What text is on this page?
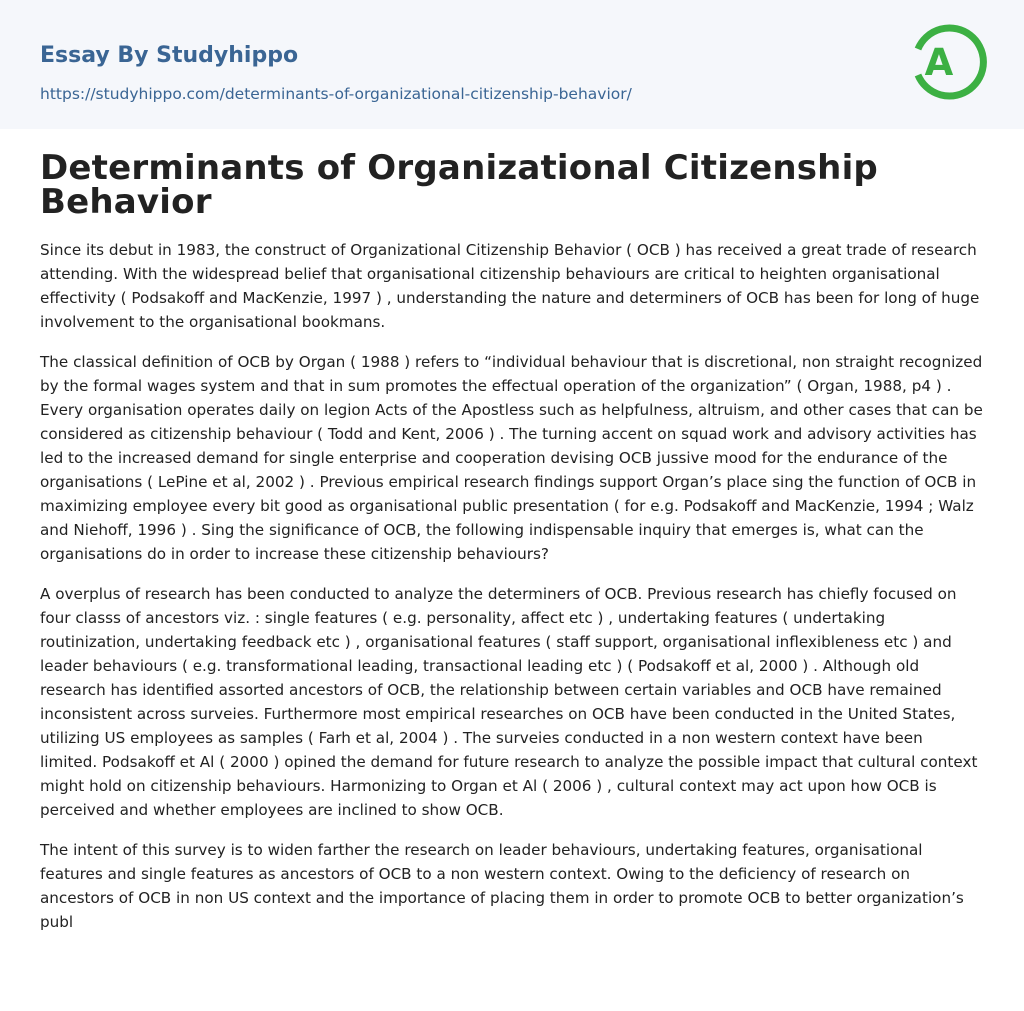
Essay By Studyhippo
https://studyhippo.com/determinants-of-organizational-citizenship-behavior/
A
Determinants of Organizational Citizenship Behavior

Since its debut in 1983, the construct of Organizational Citizenship Behavior ( OCB ) has received a great trade of research attending. With the widespread belief that organisational citizenship behaviours are critical to heighten organisational effectivity ( Podsakoff and MacKenzie, 1997 ) , understanding the nature and determiners of OCB has been for long of huge involvement to the organisational bookmans.

The classical definition of OCB by Organ ( 1988 ) refers to “individual behaviour that is discretional, non straight recognized by the formal wages system and that in sum promotes the effectual operation of the organization” ( Organ, 1988, p4 ) . Every organisation operates daily on legion Acts of the Apostless such as helpfulness, altruism, and other cases that can be considered as citizenship behaviour ( Todd and Kent, 2006 ) . The turning accent on squad work and advisory activities has led to the increased demand for single enterprise and cooperation devising OCB jussive mood for the endurance of the organisations ( LePine et al, 2002 ) . Previous empirical research findings support Organ’s place sing the function of OCB in maximizing employee every bit good as organisational public presentation ( for e.g. Podsakoff and MacKenzie, 1994 ; Walz and Niehoff, 1996 ) . Sing the significance of OCB, the following indispensable inquiry that emerges is, what can the organisations do in order to increase these citizenship behaviours?

A overplus of research has been conducted to analyze the determiners of OCB. Previous research has chiefly focused on four classs of ancestors viz. : single features ( e.g. personality, affect etc ) , undertaking features ( undertaking routinization, undertaking feedback etc ) , organisational features ( staff support, organisational inflexibleness etc ) and leader behaviours ( e.g. transformational leading, transactional leading etc ) ( Podsakoff et al, 2000 ) . Although old research has identified assorted ancestors of OCB, the relationship between certain variables and OCB have remained inconsistent across surveies. Furthermore most empirical researches on OCB have been conducted in the United States, utilizing US employees as samples ( Farh et al, 2004 ) . The surveies conducted in a non western context have been limited. Podsakoff et Al ( 2000 ) opined the demand for future research to analyze the possible impact that cultural context might hold on citizenship behaviours. Harmonizing to Organ et Al ( 2006 ) , cultural context may act upon how OCB is perceived and whether employees are inclined to show OCB.

The intent of this survey is to widen farther the research on leader behaviours, undertaking features, organisational features and single features as ancestors of OCB to a non western context. Owing to the deficiency of research on ancestors of OCB in non US context and the importance of placing them in order to promote OCB to better organization’s publ
